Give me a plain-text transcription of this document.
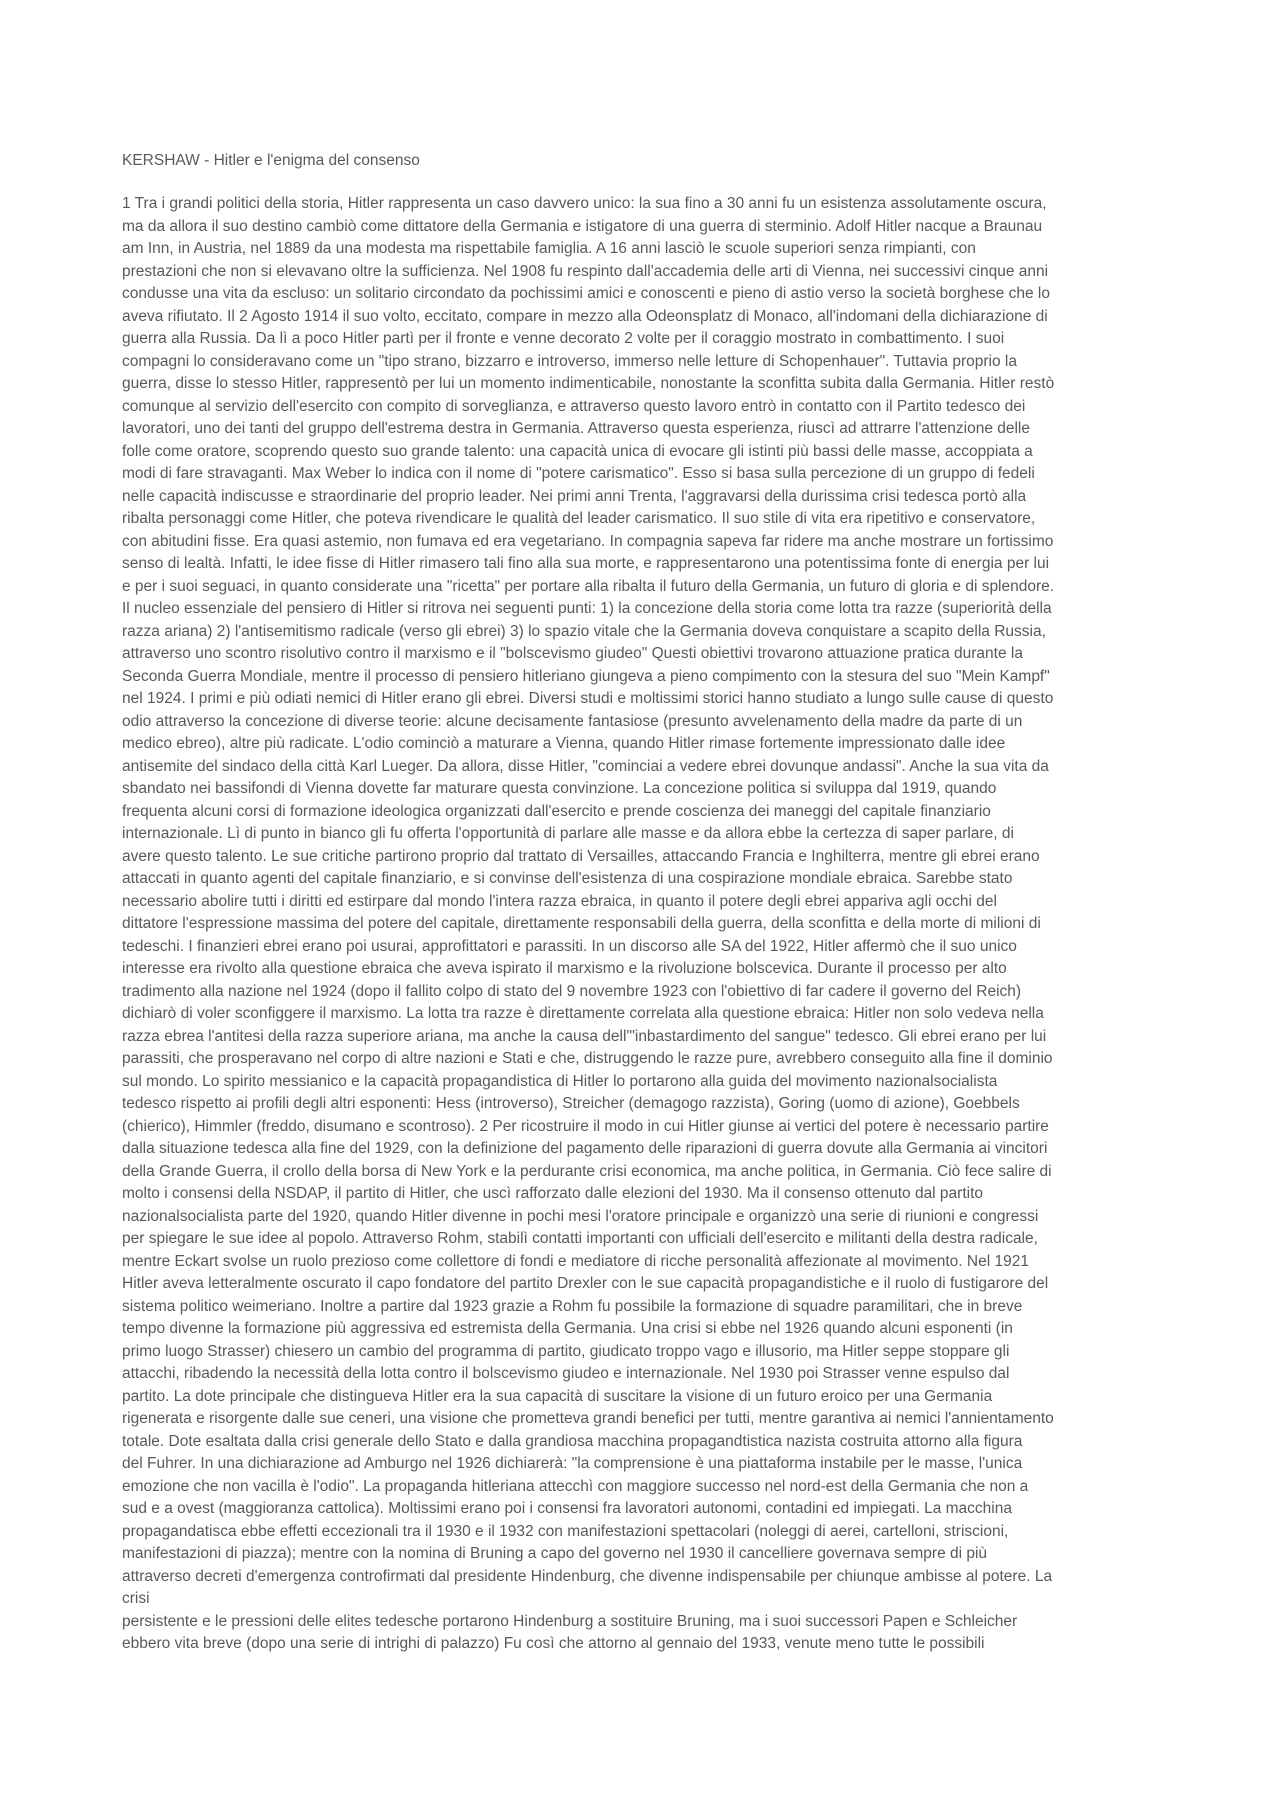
KERSHAW - Hitler e l'enigma del consenso
1 Tra i grandi politici della storia, Hitler rappresenta un caso davvero unico: la sua fino a 30 anni fu un esistenza assolutamente oscura,
ma da allora il suo destino cambiò come dittatore della Germania e istigatore di una guerra di sterminio. Adolf Hitler nacque a Braunau
am Inn, in Austria, nel 1889 da una modesta ma rispettabile famiglia. A 16 anni lasciò le scuole superiori senza rimpianti, con
prestazioni che non si elevavano oltre la sufficienza. Nel 1908 fu respinto dall'accademia delle arti di Vienna, nei successivi cinque anni
condusse una vita da escluso: un solitario circondato da pochissimi amici e conoscenti e pieno di astio verso la società borghese che lo
aveva rifiutato. Il 2 Agosto 1914 il suo volto, eccitato, compare in mezzo alla Odeonsplatz di Monaco, all'indomani della dichiarazione di
guerra alla Russia. Da lì a poco Hitler partì per il fronte e venne decorato 2 volte per il coraggio mostrato in combattimento. I suoi
compagni lo consideravano come un "tipo strano, bizzarro e introverso, immerso nelle letture di Schopenhauer". Tuttavia proprio la
guerra, disse lo stesso Hitler, rappresentò per lui un momento indimenticabile, nonostante la sconfitta subita dalla Germania. Hitler restò
comunque al servizio dell'esercito con compito di sorveglianza, e attraverso questo lavoro entrò in contatto con il Partito tedesco dei
lavoratori, uno dei tanti del gruppo dell'estrema destra in Germania. Attraverso questa esperienza, riuscì ad attrarre l'attenzione delle
folle come oratore, scoprendo questo suo grande talento: una capacità unica di evocare gli istinti più bassi delle masse, accoppiata a
modi di fare stravaganti. Max Weber lo indica con il nome di "potere carismatico". Esso si basa sulla percezione di un gruppo di fedeli
nelle capacità indiscusse e straordinarie del proprio leader. Nei primi anni Trenta, l'aggravarsi della durissima crisi tedesca portò alla
ribalta personaggi come Hitler, che poteva rivendicare le qualità del leader carismatico. Il suo stile di vita era ripetitivo e conservatore,
con abitudini fisse. Era quasi astemio, non fumava ed era vegetariano. In compagnia sapeva far ridere ma anche mostrare un fortissimo
senso di lealtà. Infatti, le idee fisse di Hitler rimasero tali fino alla sua morte, e rappresentarono una potentissima fonte di energia per lui
e per i suoi seguaci, in quanto considerate una "ricetta" per portare alla ribalta il futuro della Germania, un futuro di gloria e di splendore.
Il nucleo essenziale del pensiero di Hitler si ritrova nei seguenti punti: 1) la concezione della storia come lotta tra razze (superiorità della
razza ariana) 2) l'antisemitismo radicale (verso gli ebrei) 3) lo spazio vitale che la Germania doveva conquistare a scapito della Russia,
attraverso uno scontro risolutivo contro il marxismo e il "bolscevismo giudeo" Questi obiettivi trovarono attuazione pratica durante la
Seconda Guerra Mondiale, mentre il processo di pensiero hitleriano giungeva a pieno compimento con la stesura del suo "Mein Kampf"
nel 1924. I primi e più odiati nemici di Hitler erano gli ebrei. Diversi studi e moltissimi storici hanno studiato a lungo sulle cause di questo
odio attraverso la concezione di diverse teorie: alcune decisamente fantasiose (presunto avvelenamento della madre da parte di un
medico ebreo), altre più radicate. L'odio cominciò a maturare a Vienna, quando Hitler rimase fortemente impressionato dalle idee
antisemite del sindaco della città Karl Lueger. Da allora, disse Hitler, "cominciai a vedere ebrei dovunque andassi". Anche la sua vita da
sbandato nei bassifondi di Vienna dovette far maturare questa convinzione. La concezione politica si sviluppa dal 1919, quando
frequenta alcuni corsi di formazione ideologica organizzati dall'esercito e prende coscienza dei maneggi del capitale finanziario
internazionale. Lì di punto in bianco gli fu offerta l'opportunità di parlare alle masse e da allora ebbe la certezza di saper parlare, di
avere questo talento. Le sue critiche partirono proprio dal trattato di Versailles, attaccando Francia e Inghilterra, mentre gli ebrei erano
attaccati in quanto agenti del capitale finanziario, e si convinse dell'esistenza di una cospirazione mondiale ebraica. Sarebbe stato
necessario abolire tutti i diritti ed estirpare dal mondo l'intera razza ebraica, in quanto il potere degli ebrei appariva agli occhi del
dittatore l'espressione massima del potere del capitale, direttamente responsabili della guerra, della sconfitta e della morte di milioni di
tedeschi. I finanzieri ebrei erano poi usurai, approfittatori e parassiti. In un discorso alle SA del 1922, Hitler affermò che il suo unico
interesse era rivolto alla questione ebraica che aveva ispirato il marxismo e la rivoluzione bolscevica. Durante il processo per alto
tradimento alla nazione nel 1924 (dopo il fallito colpo di stato del 9 novembre 1923 con l'obiettivo di far cadere il governo del Reich)
dichiarò di voler sconfiggere il marxismo. La lotta tra razze è direttamente correlata alla questione ebraica: Hitler non solo vedeva nella
razza ebrea l'antitesi della razza superiore ariana, ma anche la causa dell'"inbastardimento del sangue" tedesco. Gli ebrei erano per lui
parassiti, che prosperavano nel corpo di altre nazioni e Stati e che, distruggendo le razze pure, avrebbero conseguito alla fine il dominio
sul mondo. Lo spirito messianico e la capacità propagandistica di Hitler lo portarono alla guida del movimento nazionalsocialista
tedesco rispetto ai profili degli altri esponenti: Hess (introverso), Streicher (demagogo razzista), Goring (uomo di azione), Goebbels
(chierico), Himmler (freddo, disumano e scontroso). 2 Per ricostruire il modo in cui Hitler giunse ai vertici del potere è necessario partire
dalla situazione tedesca alla fine del 1929, con la definizione del pagamento delle riparazioni di guerra dovute alla Germania ai vincitori
della Grande Guerra, il crollo della borsa di New York e la perdurante crisi economica, ma anche politica, in Germania. Ciò fece salire di
molto i consensi della NSDAP, il partito di Hitler, che uscì rafforzato dalle elezioni del 1930. Ma il consenso ottenuto dal partito
nazionalsocialista parte del 1920, quando Hitler divenne in pochi mesi l'oratore principale e organizzò una serie di riunioni e congressi
per spiegare le sue idee al popolo. Attraverso Rohm, stabilì contatti importanti con ufficiali dell'esercito e militanti della destra radicale,
mentre Eckart svolse un ruolo prezioso come collettore di fondi e mediatore di ricche personalità affezionate al movimento. Nel 1921
Hitler aveva letteralmente oscurato il capo fondatore del partito Drexler con le sue capacità propagandistiche e il ruolo di fustigarore del
sistema politico weimeriano. Inoltre a partire dal 1923 grazie a Rohm fu possibile la formazione di squadre paramilitari, che in breve
tempo divenne la formazione più aggressiva ed estremista della Germania. Una crisi si ebbe nel 1926 quando alcuni esponenti (in
primo luogo Strasser) chiesero un cambio del programma di partito, giudicato troppo vago e illusorio, ma Hitler seppe stoppare gli
attacchi, ribadendo la necessità della lotta contro il bolscevismo giudeo e internazionale. Nel 1930 poi Strasser venne espulso dal
partito. La dote principale che distingueva Hitler era la sua capacità di suscitare la visione di un futuro eroico per una Germania
rigenerata e risorgente dalle sue ceneri, una visione che prometteva grandi benefici per tutti, mentre garantiva ai nemici l'annientamento
totale. Dote esaltata dalla crisi generale dello Stato e dalla grandiosa macchina propagandtistica nazista costruita attorno alla figura
del Fuhrer. In una dichiarazione ad Amburgo nel 1926 dichiarerà: "la comprensione è una piattaforma instabile per le masse, l'unica
emozione che non vacilla è l'odio". La propaganda hitleriana attecchì con maggiore successo nel nord-est della Germania che non a
sud e a ovest (maggioranza cattolica). Moltissimi erano poi i consensi fra lavoratori autonomi, contadini ed impiegati. La macchina
propagandatisca ebbe effetti eccezionali tra il 1930 e il 1932 con manifestazioni spettacolari (noleggi di aerei, cartelloni, striscioni,
manifestazioni di piazza); mentre con la nomina di Bruning a capo del governo nel 1930 il cancelliere governava sempre di più
attraverso decreti d'emergenza controfirmati dal presidente Hindenburg, che divenne indispensabile per chiunque ambisse al potere. La
crisi
persistente e le pressioni delle elites tedesche portarono Hindenburg a sostituire Bruning, ma i suoi successori Papen e Schleicher
ebbero vita breve (dopo una serie di intrighi di palazzo) Fu così che attorno al gennaio del 1933, venute meno tutte le possibili
